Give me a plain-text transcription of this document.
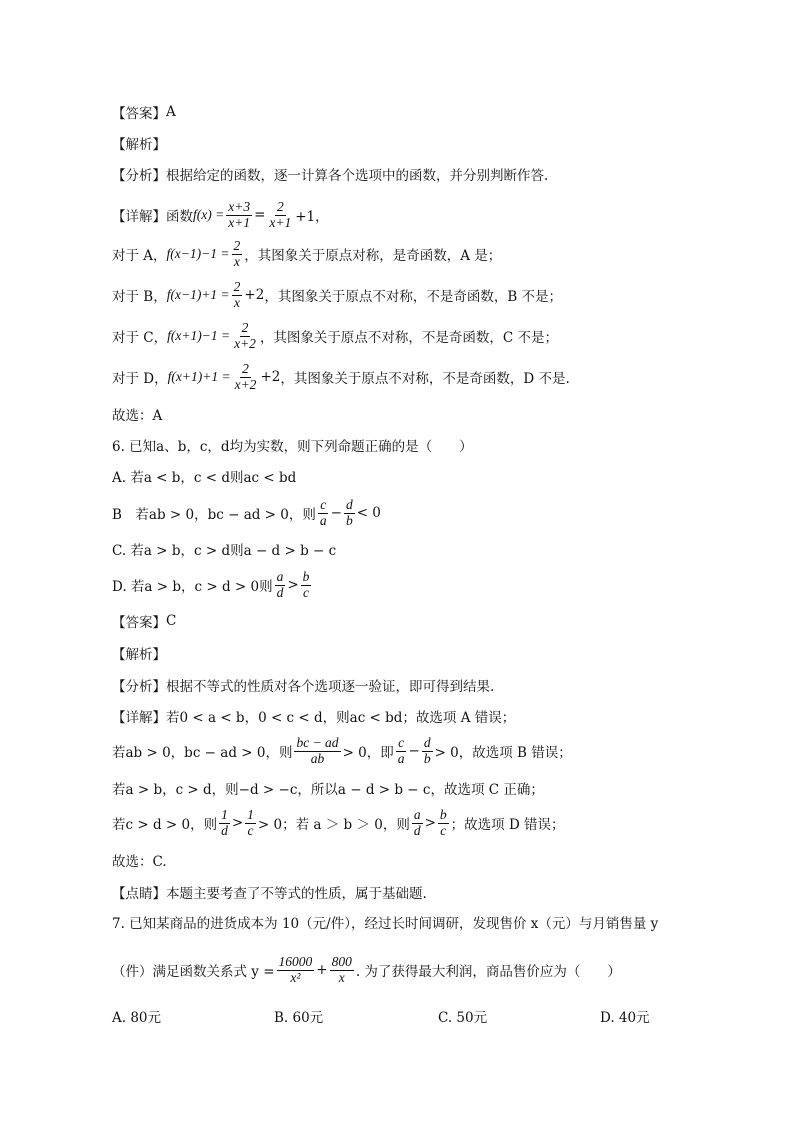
【答案】 A
【解析】
【分析】 根据给定的函数，逐一计算各个选项中的函数，并分别判断作答.
【详解】 函数 $f(x) = \frac{x+3}{x+1} = \frac{2}{x+1} +1$，
对于 A， $f(x-1)-1 = \frac{2}{x}$ ，其图象关于原点对称，是奇函数，A 是；
对于 B， $f(x-1)+1 = \frac{2}{x} +2$ ，其图象关于原点不对称，不是奇函数，B 不是；
对于 C， $f(x+1)-1 = \frac{2}{x+2}$ ，其图象关于原点不对称，不是奇函数，C 不是；
对于 D， $f(x+1)+1 = \frac{2}{x+2} +2$ ，其图象关于原点不对称，不是奇函数，D 不是.
故选：A
6. 已知a、b，c，d均为实数，则下列命题正确的是（　　）
A. 若a < b，c < d则ac < bd
B　若ab > 0，bc − ad > 0，则 $\frac{c}{a} - \frac{d}{b} < 0$
C. 若a > b，c > d则a − d > b − c
D. 若a > b，c > d > 0则 $\frac{a}{d} > \frac{b}{c}$
【答案】 C
【解析】
【分析】 根据不等式的性质对各个选项逐一验证，即可得到结果.
【详解】 若0 < a < b，0 < c < d，则ac < bd；故选项 A 错误；
若ab > 0，bc − ad > 0，则 $\frac{bc - ad}{ab} > 0$，即 $\frac{c}{a} - \frac{d}{b} > 0$，故选项 B 错误；
若a > b，c > d，则−d > −c，所以a − d > b − c，故选项 C 正确；
若c > d > 0，则 $\frac{1}{d} > \frac{1}{c} > 0$；若 a ＞ b ＞ 0，则 $\frac{a}{d} > \frac{b}{c}$ ；故选项 D 错误；
故选：C.
【点睛】 本题主要考查了不等式的性质，属于基础题.
7. 已知某商品的进货成本为 10（元/件），经过长时间调研，发现售价 x（元）与月销售量 y
（件）满足函数关系式 $y = \frac{16000}{\text{x²}} + \frac{800}{x}$ . 为了获得最大利润，商品售价应为（　　）
A. 80元	B. 60元	C. 50元	D. 40元
